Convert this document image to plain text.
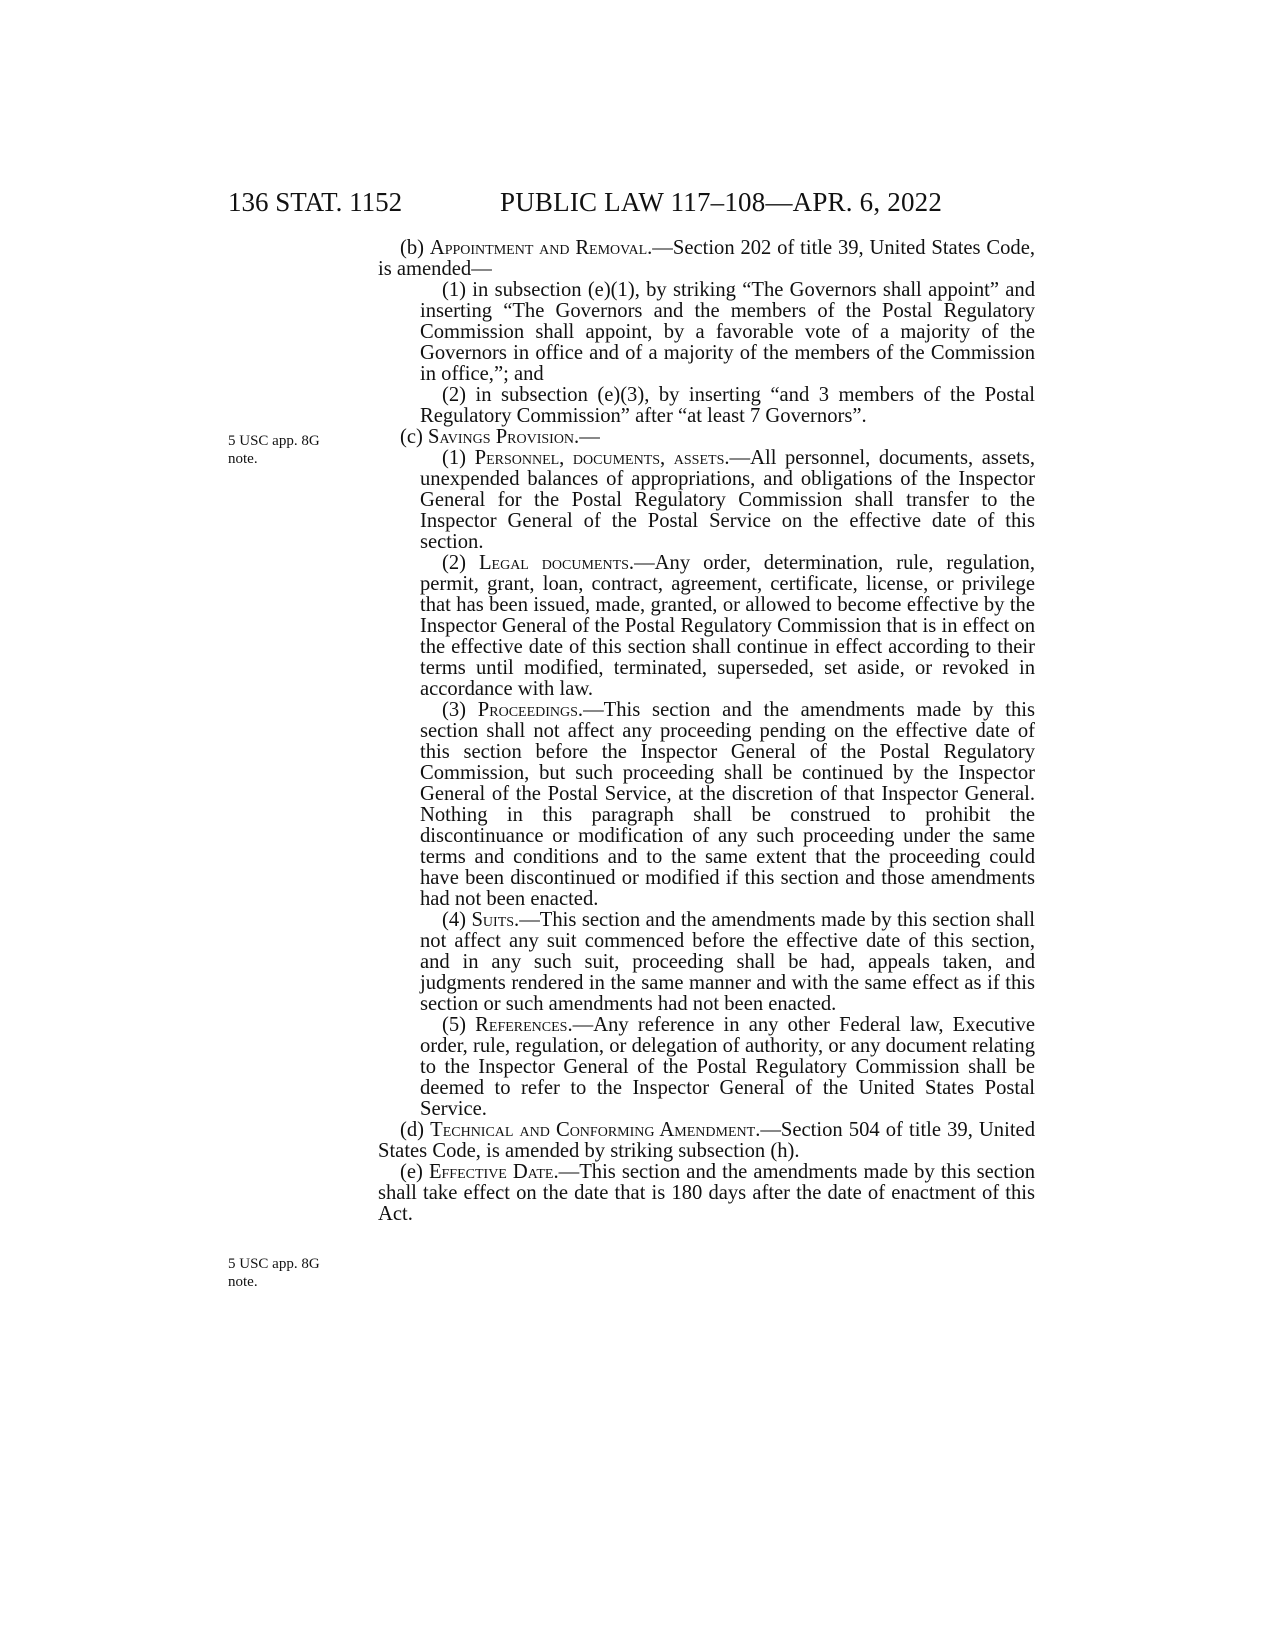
136 STAT. 1152	PUBLIC LAW 117–108—APR. 6, 2022
5 USC app. 8G
note.
5 USC app. 8G
note.

(b) Appointment and Removal.—Section 202 of title 39, United States Code, is amended—

(1) in subsection (e)(1), by striking “The Governors shall appoint” and inserting “The Governors and the members of the Postal Regulatory Commission shall appoint, by a favorable vote of a majority of the Governors in office and of a majority of the members of the Commission in office,”; and

(2) in subsection (e)(3), by inserting “and 3 members of the Postal Regulatory Commission” after “at least 7 Governors”.

(c) Savings Provision.—

(1) Personnel, documents, assets.—All personnel, documents, assets, unexpended balances of appropriations, and obligations of the Inspector General for the Postal Regulatory Commission shall transfer to the Inspector General of the Postal Service on the effective date of this section.

(2) Legal documents.—Any order, determination, rule, regulation, permit, grant, loan, contract, agreement, certificate, license, or privilege that has been issued, made, granted, or allowed to become effective by the Inspector General of the Postal Regulatory Commission that is in effect on the effective date of this section shall continue in effect according to their terms until modified, terminated, superseded, set aside, or revoked in accordance with law.

(3) Proceedings.—This section and the amendments made by this section shall not affect any proceeding pending on the effective date of this section before the Inspector General of the Postal Regulatory Commission, but such proceeding shall be continued by the Inspector General of the Postal Service, at the discretion of that Inspector General. Nothing in this paragraph shall be construed to prohibit the discontinuance or modification of any such proceeding under the same terms and conditions and to the same extent that the proceeding could have been discontinued or modified if this section and those amendments had not been enacted.

(4) Suits.—This section and the amendments made by this section shall not affect any suit commenced before the effective date of this section, and in any such suit, proceeding shall be had, appeals taken, and judgments rendered in the same manner and with the same effect as if this section or such amendments had not been enacted.

(5) References.—Any reference in any other Federal law, Executive order, rule, regulation, or delegation of authority, or any document relating to the Inspector General of the Postal Regulatory Commission shall be deemed to refer to the Inspector General of the United States Postal Service.

(d) Technical and Conforming Amendment.—Section 504 of title 39, United States Code, is amended by striking subsection (h).

(e) Effective Date.—This section and the amendments made by this section shall take effect on the date that is 180 days after the date of enactment of this Act.
